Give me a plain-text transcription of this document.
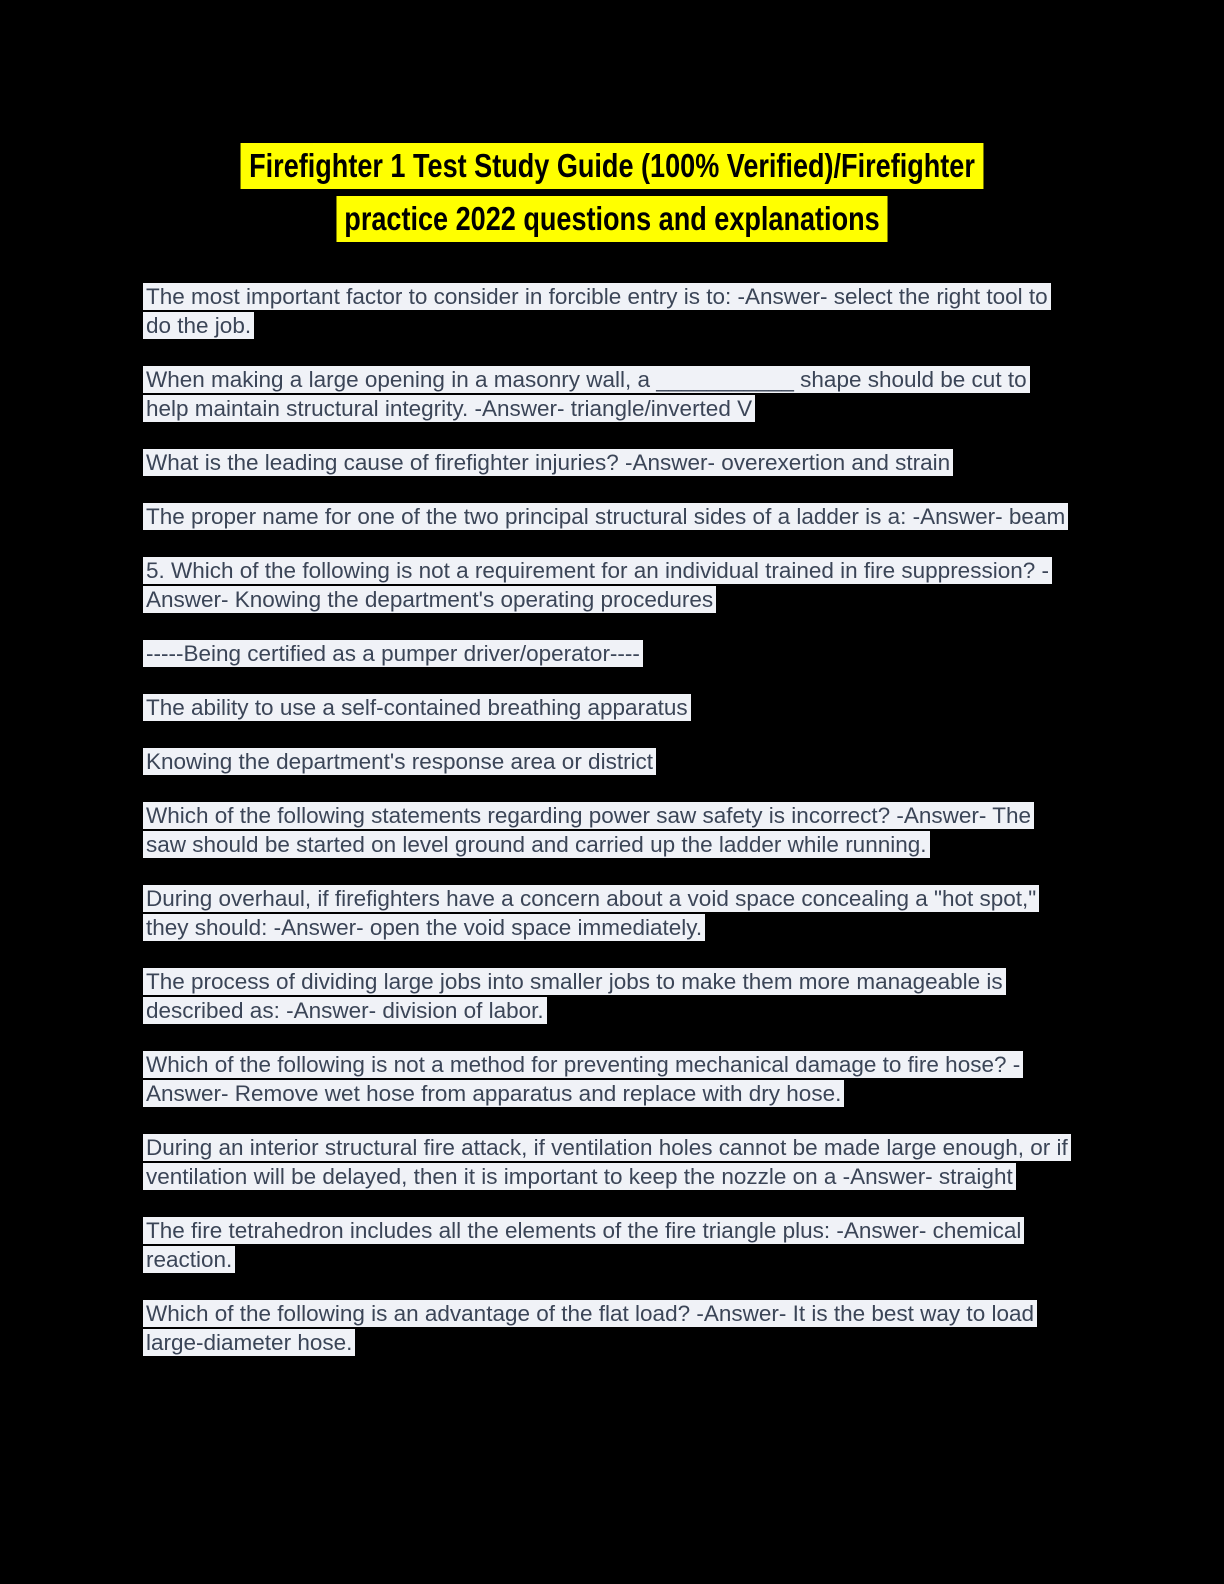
Firefighter 1 Test Study Guide (100% Verified)/Firefighter
practice 2022 questions and explanations

The most important factor to consider in forcible entry is to: -Answer- select the right tool to do the job.

When making a large opening in a masonry wall, a ___________ shape should be cut to help maintain structural integrity. -Answer- triangle/inverted V

What is the leading cause of firefighter injuries? -Answer- overexertion and strain

The proper name for one of the two principal structural sides of a ladder is a: -Answer- beam

5. Which of the following is not a requirement for an individual trained in fire suppression? -Answer- Knowing the department's operating procedures

-----Being certified as a pumper driver/operator----

The ability to use a self-contained breathing apparatus

Knowing the department's response area or district

Which of the following statements regarding power saw safety is incorrect? -Answer- The saw should be started on level ground and carried up the ladder while running.

During overhaul, if firefighters have a concern about a void space concealing a "hot spot," they should: -Answer- open the void space immediately.

The process of dividing large jobs into smaller jobs to make them more manageable is described as: -Answer- division of labor.

Which of the following is not a method for preventing mechanical damage to fire hose? -Answer- Remove wet hose from apparatus and replace with dry hose.

During an interior structural fire attack, if ventilation holes cannot be made large enough, or if ventilation will be delayed, then it is important to keep the nozzle on a -Answer- straight

The fire tetrahedron includes all the elements of the fire triangle plus: -Answer- chemical reaction.

Which of the following is an advantage of the flat load? -Answer- It is the best way to load large-diameter hose.
